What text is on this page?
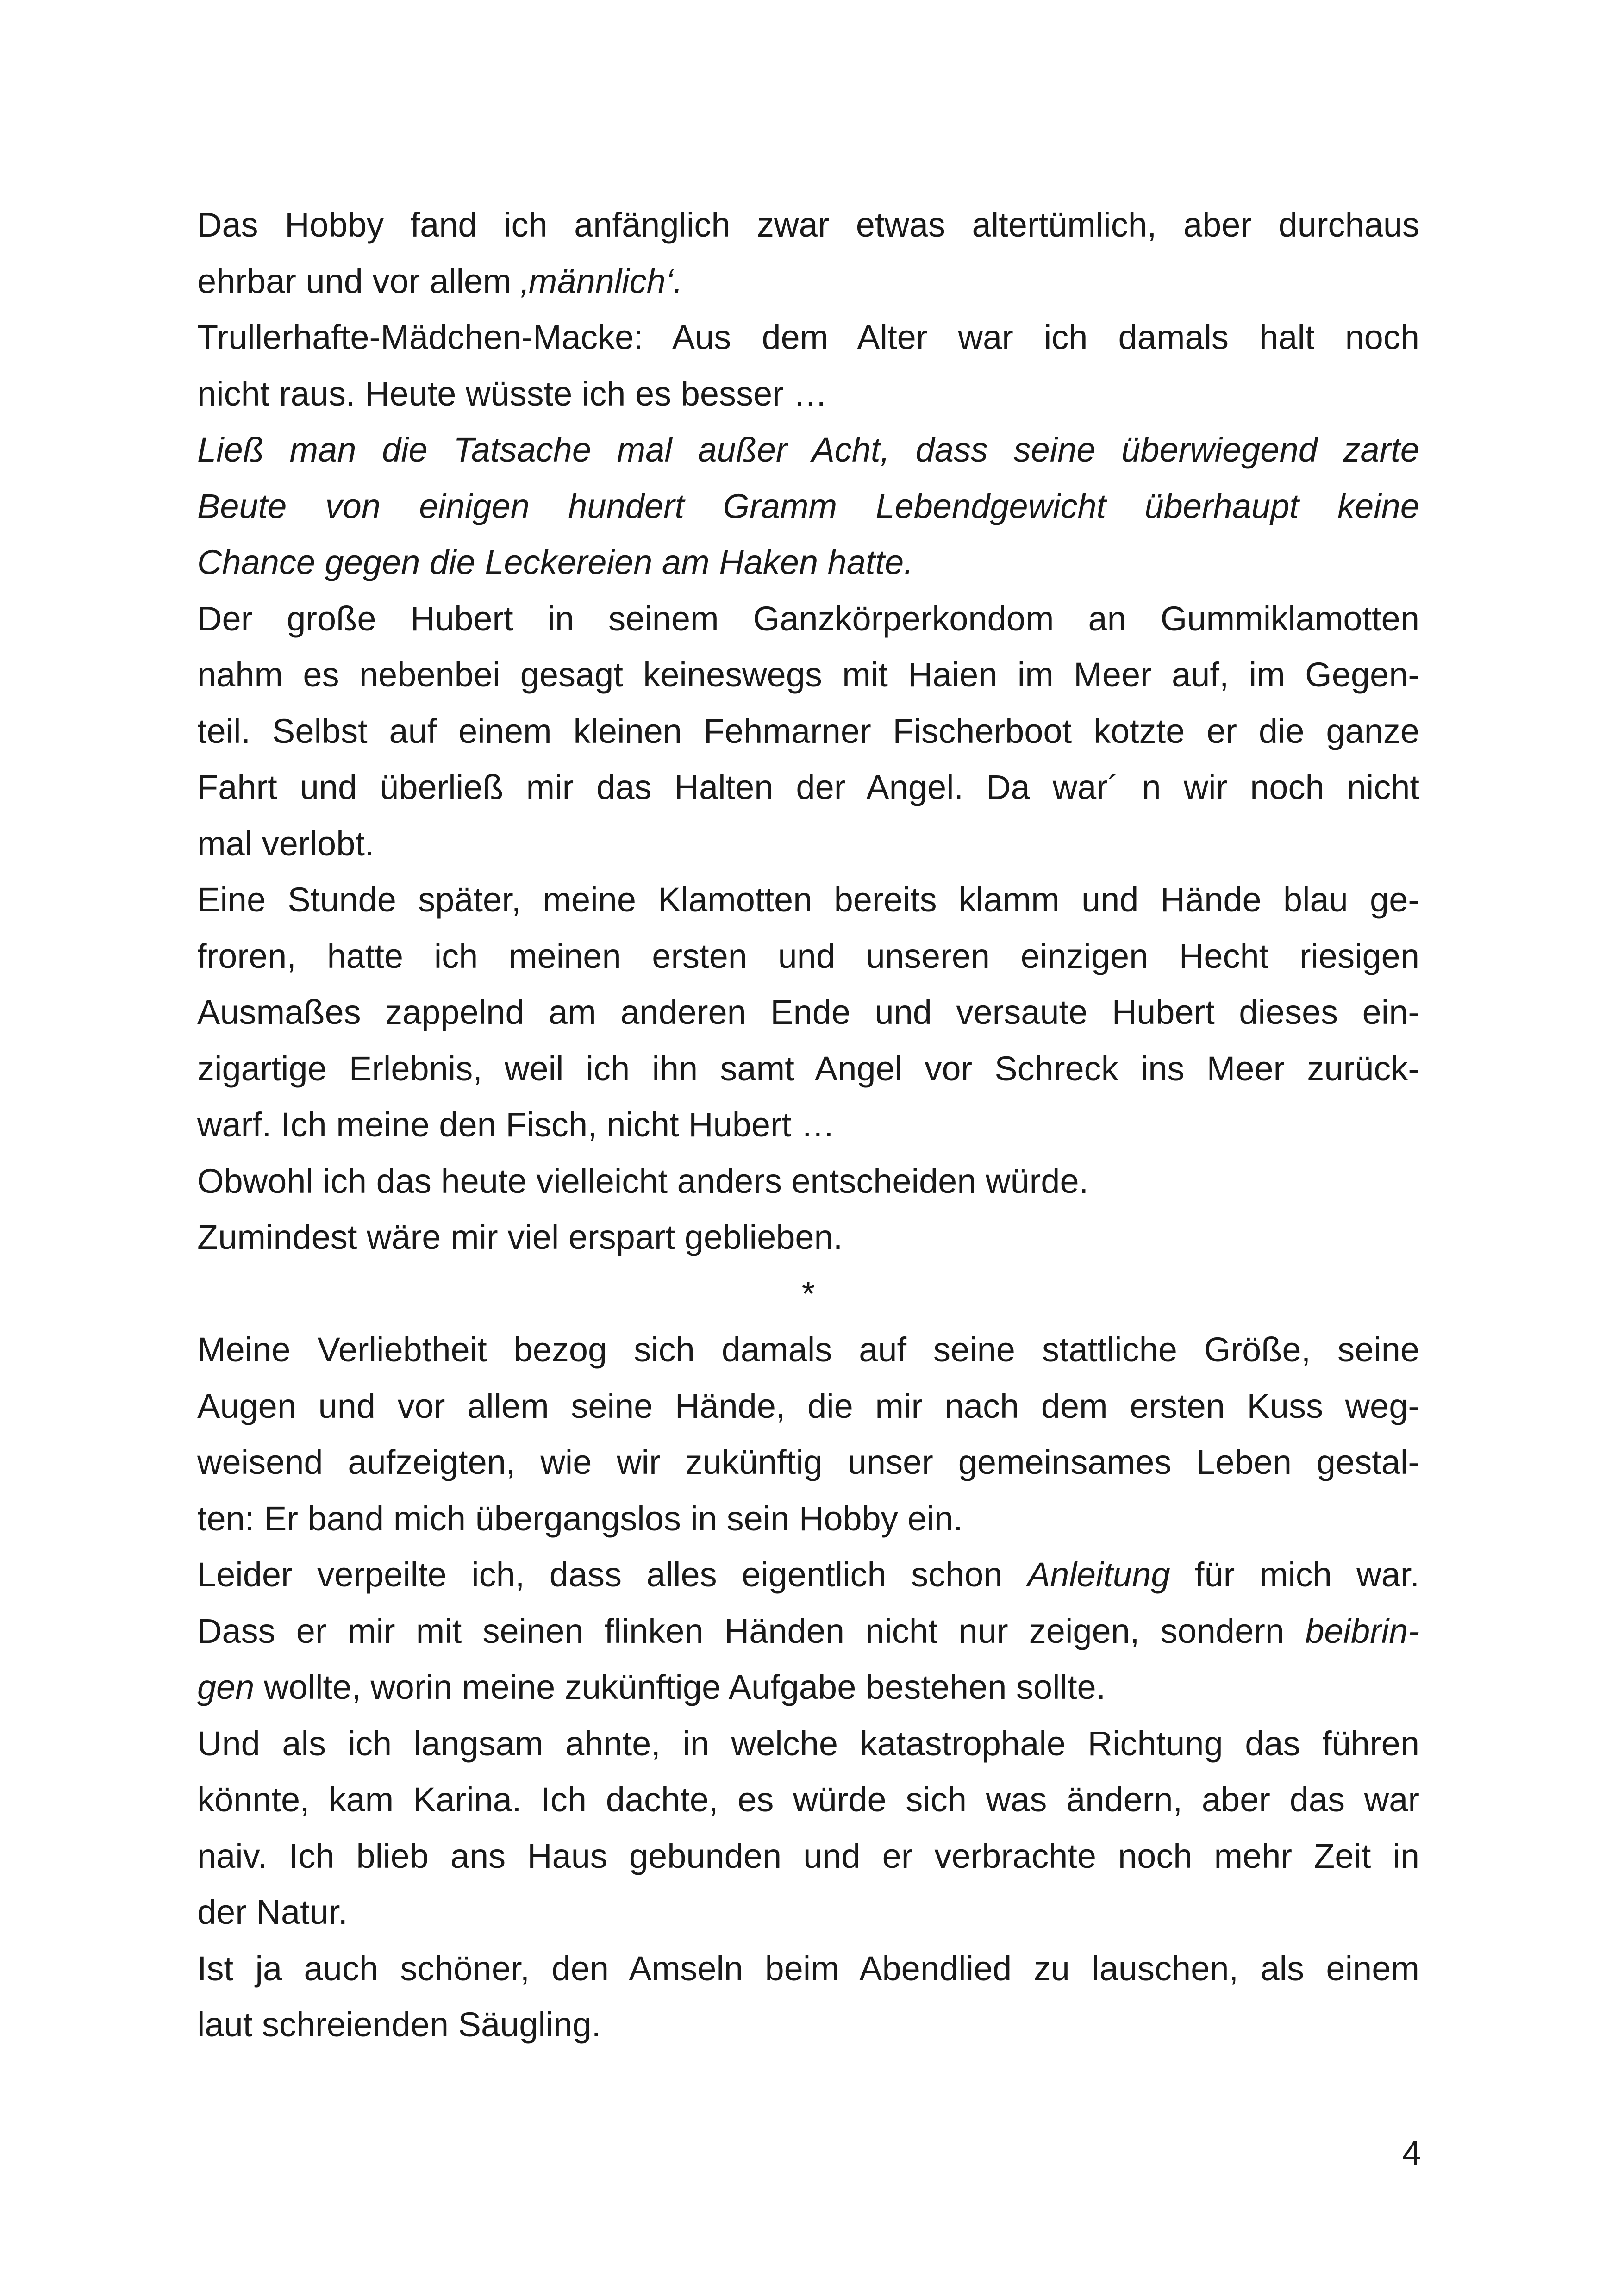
Das Hobby fand ich anfänglich zwar etwas altertümlich, aber durchaus
ehrbar und vor allem ‚männlich‘.
Trullerhafte-Mädchen-Macke: Aus dem Alter war ich damals halt noch
nicht raus. Heute wüsste ich es besser …
Ließ man die Tatsache mal außer Acht, dass seine überwiegend zarte
Beute von einigen hundert Gramm Lebendgewicht überhaupt keine
Chance gegen die Leckereien am Haken hatte.
Der große Hubert in seinem Ganzkörperkondom an Gummiklamotten
nahm es nebenbei gesagt keineswegs mit Haien im Meer auf, im Gegen-
teil. Selbst auf einem kleinen Fehmarner Fischerboot kotzte er die ganze
Fahrt und überließ mir das Halten der Angel. Da war´ n wir noch nicht
mal verlobt.
Eine Stunde später, meine Klamotten bereits klamm und Hände blau ge-
froren, hatte ich meinen ersten und unseren einzigen Hecht riesigen
Ausmaßes zappelnd am anderen Ende und versaute Hubert dieses ein-
zigartige Erlebnis, weil ich ihn samt Angel vor Schreck ins Meer zurück-
warf. Ich meine den Fisch, nicht Hubert …
Obwohl ich das heute vielleicht anders entscheiden würde.
Zumindest wäre mir viel erspart geblieben.
*
Meine Verliebtheit bezog sich damals auf seine stattliche Größe, seine
Augen und vor allem seine Hände, die mir nach dem ersten Kuss weg-
weisend aufzeigten, wie wir zukünftig unser gemeinsames Leben gestal-
ten: Er band mich übergangslos in sein Hobby ein.
Leider verpeilte ich, dass alles eigentlich schon Anleitung für mich war.
Dass er mir mit seinen flinken Händen nicht nur zeigen, sondern beibrin-
gen wollte, worin meine zukünftige Aufgabe bestehen sollte.
Und als ich langsam ahnte, in welche katastrophale Richtung das führen
könnte, kam Karina. Ich dachte, es würde sich was ändern, aber das war
naiv. Ich blieb ans Haus gebunden und er verbrachte noch mehr Zeit in
der Natur.
Ist ja auch schöner, den Amseln beim Abendlied zu lauschen, als einem
laut schreienden Säugling.
4
